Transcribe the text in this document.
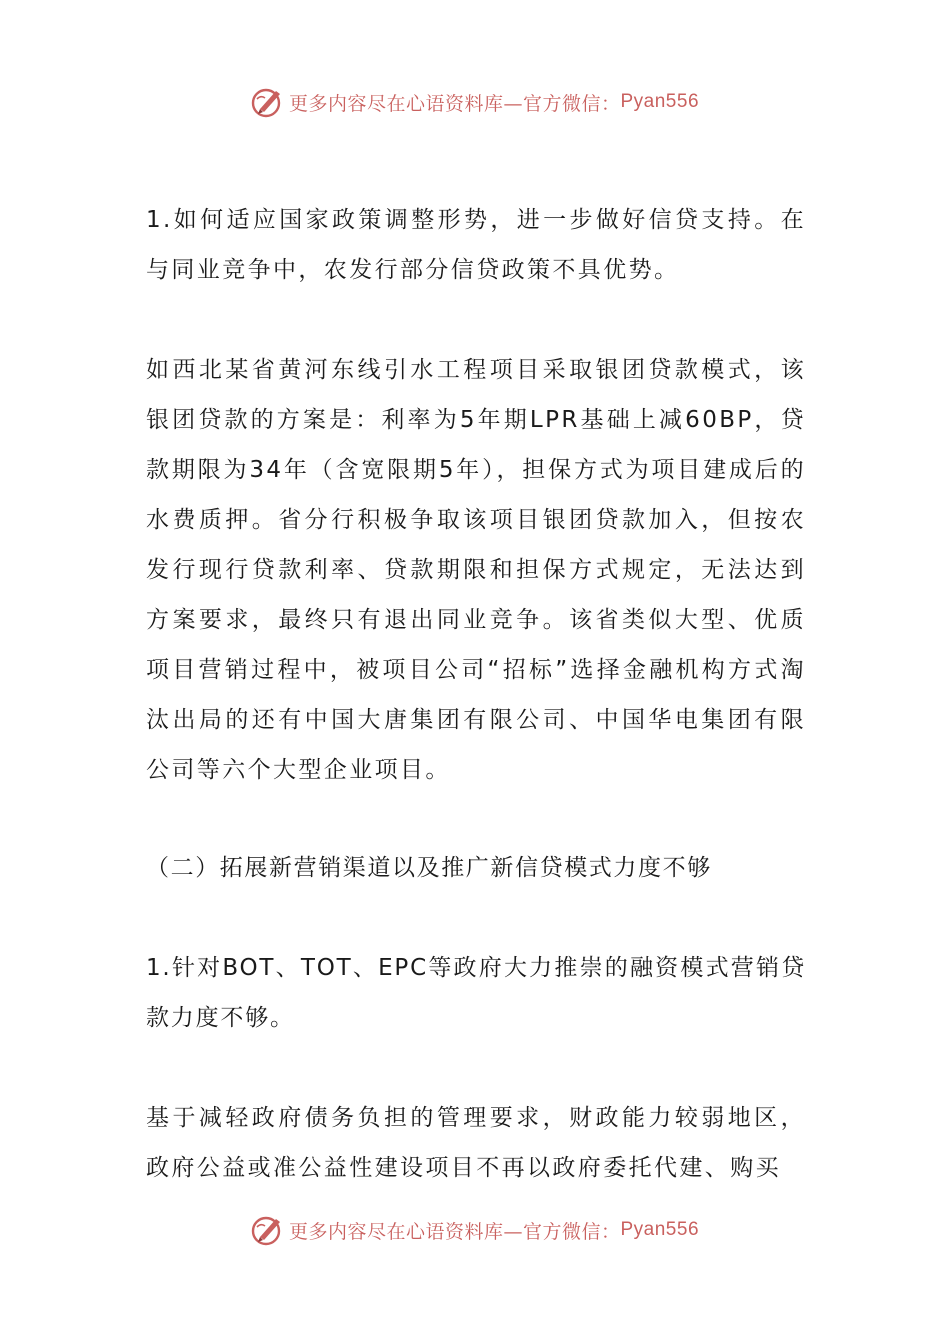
更多内容尽在心语资料库—官方微信： Pyan556

1.如何适应国家政策调整形势，进一步做好信贷支持。在与同业竞争中，农发行部分信贷政策不具优势。

如西北某省黄河东线引水工程项目采取银团贷款模式，该银团贷款的方案是：利率为5年期LPR基础上减60BP，贷款期限为34年（含宽限期5年），担保方式为项目建成后的水费质押。省分行积极争取该项目银团贷款加入，但按农发行现行贷款利率、贷款期限和担保方式规定，无法达到方案要求，最终只有退出同业竞争。该省类似大型、优质项目营销过程中，被项目公司“招标”选择金融机构方式淘汰出局的还有中国大唐集团有限公司、中国华电集团有限公司等六个大型企业项目。

（二）拓展新营销渠道以及推广新信贷模式力度不够

1.针对BOT、TOT、EPC等政府大力推崇的融资模式营销贷款力度不够。

基于减轻政府债务负担的管理要求，财政能力较弱地区，政府公益或准公益性建设项目不再以政府委托代建、购买

更多内容尽在心语资料库—官方微信： Pyan556
